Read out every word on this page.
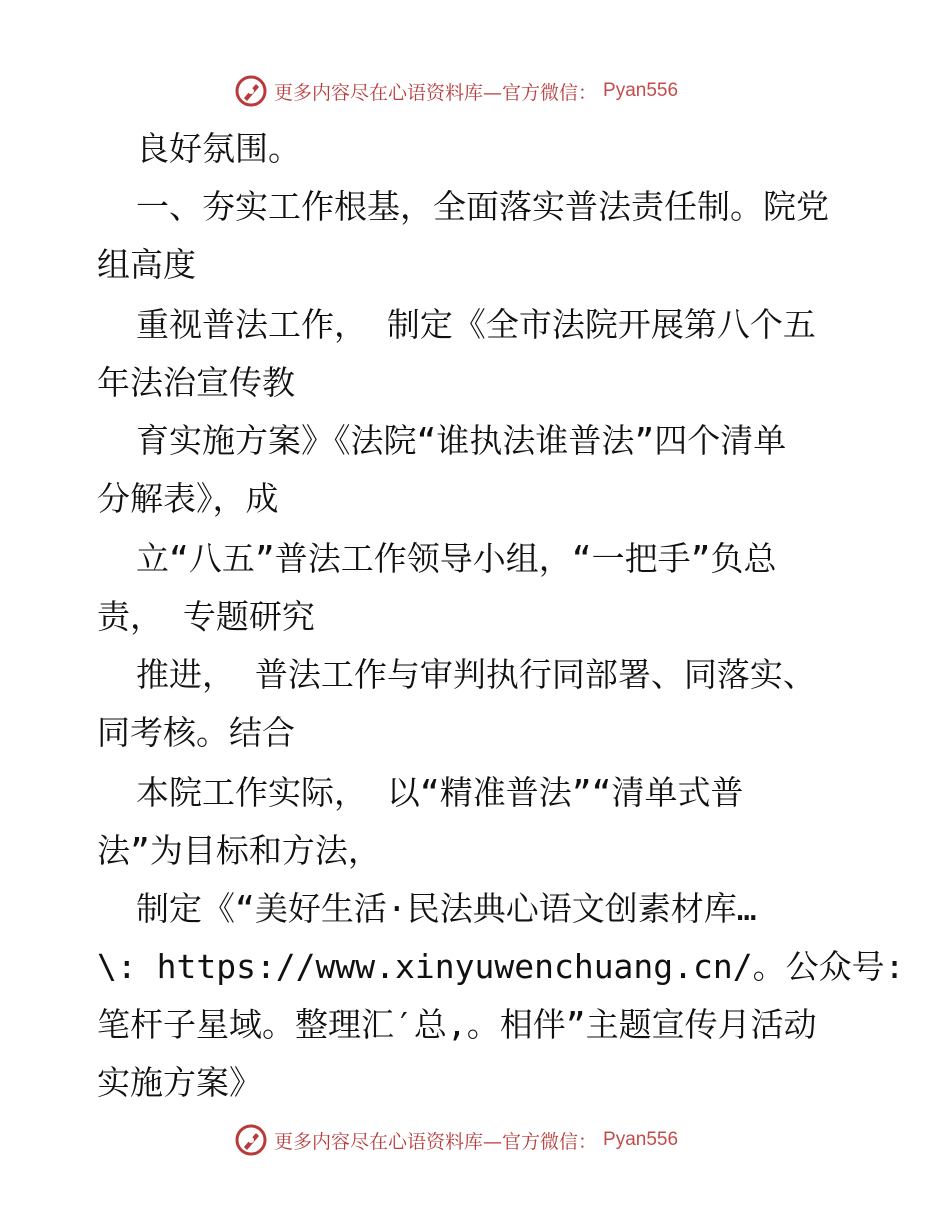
更多内容尽在心语资料库—官方微信： Pyan556
良好氛围。
一、夯实工作根基，全面落实普法责任制。院党
组高度
重视普法工作， 制定《全市法院开展第八个五
年法治宣传教
育实施方案》《法院“谁执法谁普法”四个清单
分解表》，成
立“八五”普法工作领导小组，“一把手”负总
责， 专题研究
推进， 普法工作与审判执行同部署、同落实、
同考核。结合
本院工作实际， 以“精准普法”“清单式普
法”为目标和方法，
制定《“美好生活·民法典心语文创素材库…
\: https://www.xinyuwenchuang.cn/。公众号:
笔杆子星域。整理汇′总,。相伴”主题宣传月活动
实施方案》
更多内容尽在心语资料库—官方微信： Pyan556
